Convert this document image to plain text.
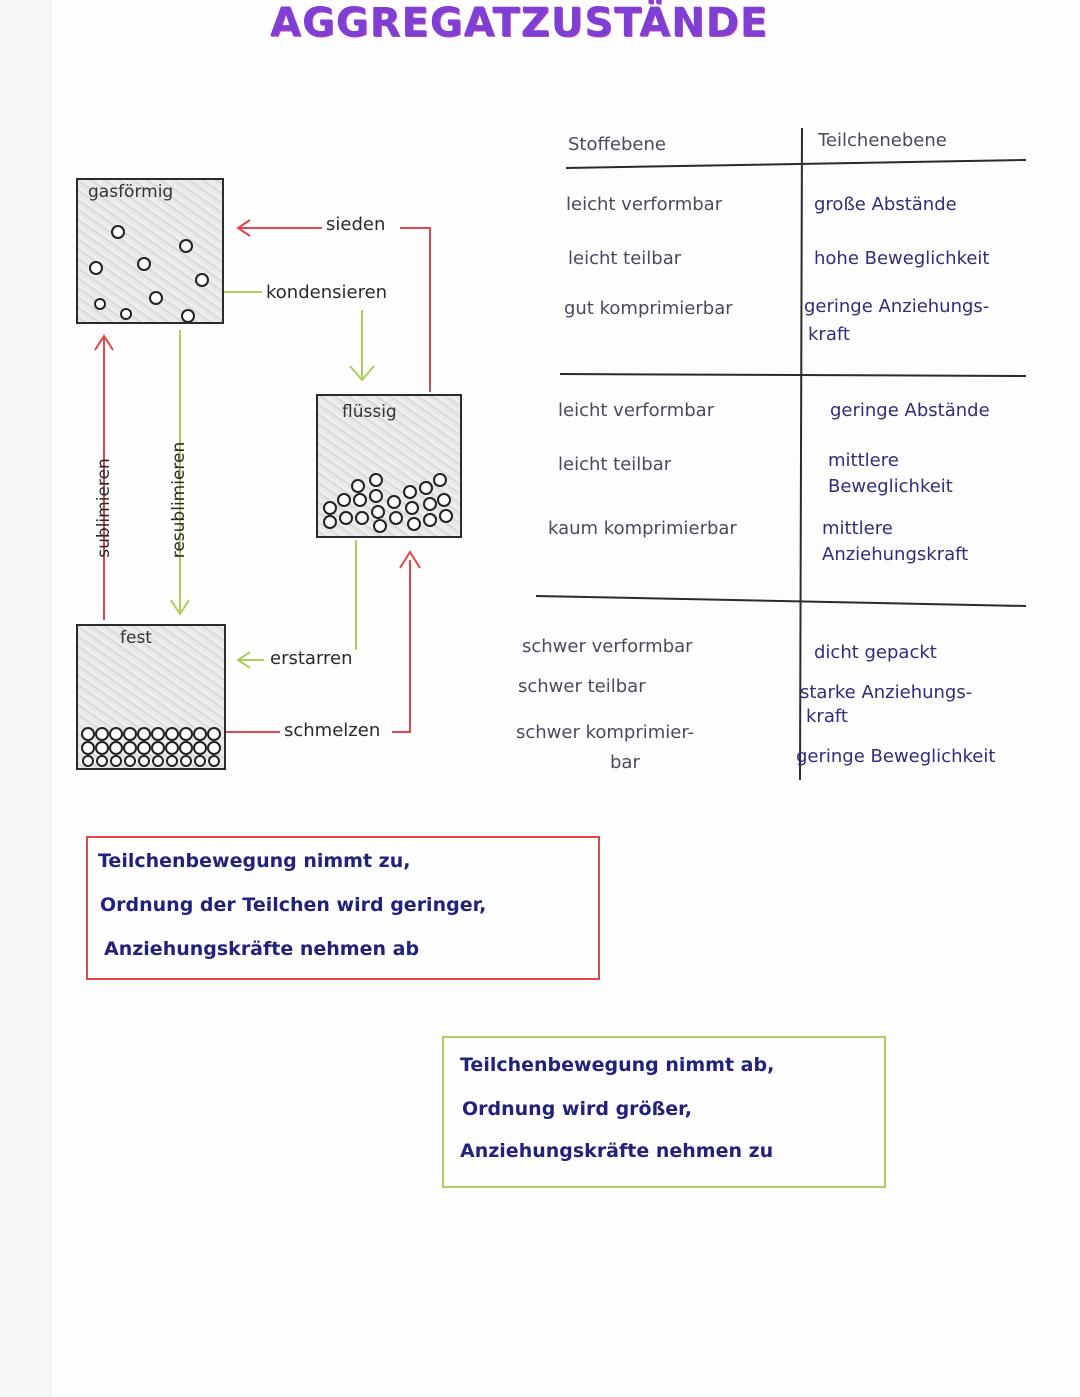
AGGREGATZUSTÄNDE
gasförmig
flüssig
fest
sieden
kondensieren
erstarren
schmelzen
sublimieren	resublimieren
Stoffebene	Teilchenebene
leicht verformbar
leicht teilbar
gut komprimierbar
große Abstände
hohe Beweglichkeit
geringe Anziehungs-
kraft
leicht verformbar
leicht teilbar
kaum komprimierbar
geringe Abstände
mittlere
Beweglichkeit
mittlere
Anziehungskraft
schwer verformbar
schwer teilbar
schwer komprimier-
bar
dicht gepackt
starke Anziehungs-
kraft
geringe Beweglichkeit
Teilchenbewegung nimmt zu,
Ordnung der Teilchen wird geringer,
Anziehungskräfte nehmen ab
Teilchenbewegung nimmt ab,
Ordnung wird größer,
Anziehungskräfte nehmen zu
